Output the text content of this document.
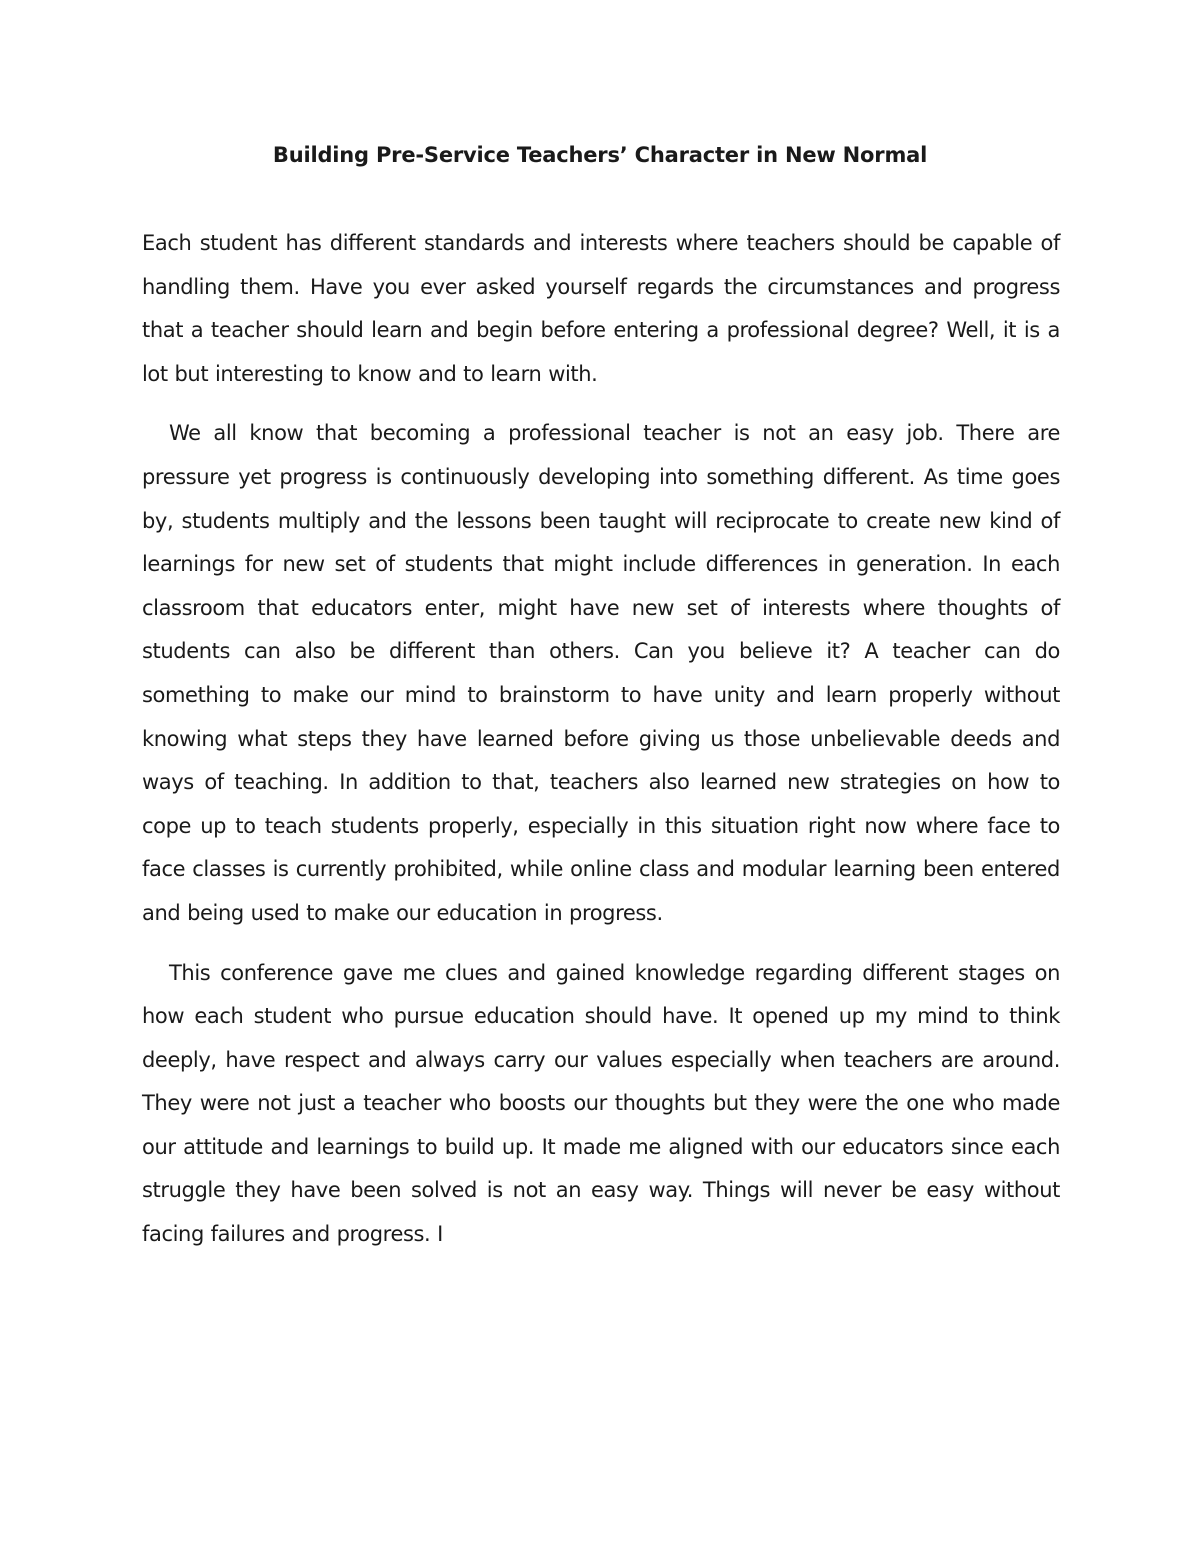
Building Pre-Service Teachers’ Character in New Normal

Each student has different standards and interests where teachers should be capable of handling them. Have you ever asked yourself regards the circumstances and progress that a teacher should learn and begin before entering a professional degree? Well, it is a lot but interesting to know and to learn with.

We all know that becoming a professional teacher is not an easy job. There are pressure yet progress is continuously developing into something different. As time goes by, students multiply and the lessons been taught will reciprocate to create new kind of learnings for new set of students that might include differences in generation. In each classroom that educators enter, might have new set of interests where thoughts of students can also be different than others. Can you believe it? A teacher can do something to make our mind to brainstorm to have unity and learn properly without knowing what steps they have learned before giving us those unbelievable deeds and ways of teaching. In addition to that, teachers also learned new strategies on how to cope up to teach students properly, especially in this situation right now where face to face classes is currently prohibited, while online class and modular learning been entered and being used to make our education in progress.

This conference gave me clues and gained knowledge regarding different stages on how each student who pursue education should have. It opened up my mind to think deeply, have respect and always carry our values especially when teachers are around. They were not just a teacher who boosts our thoughts but they were the one who made our attitude and learnings to build up. It made me aligned with our educators since each struggle they have been solved is not an easy way. Things will never be easy without facing failures and progress. I
